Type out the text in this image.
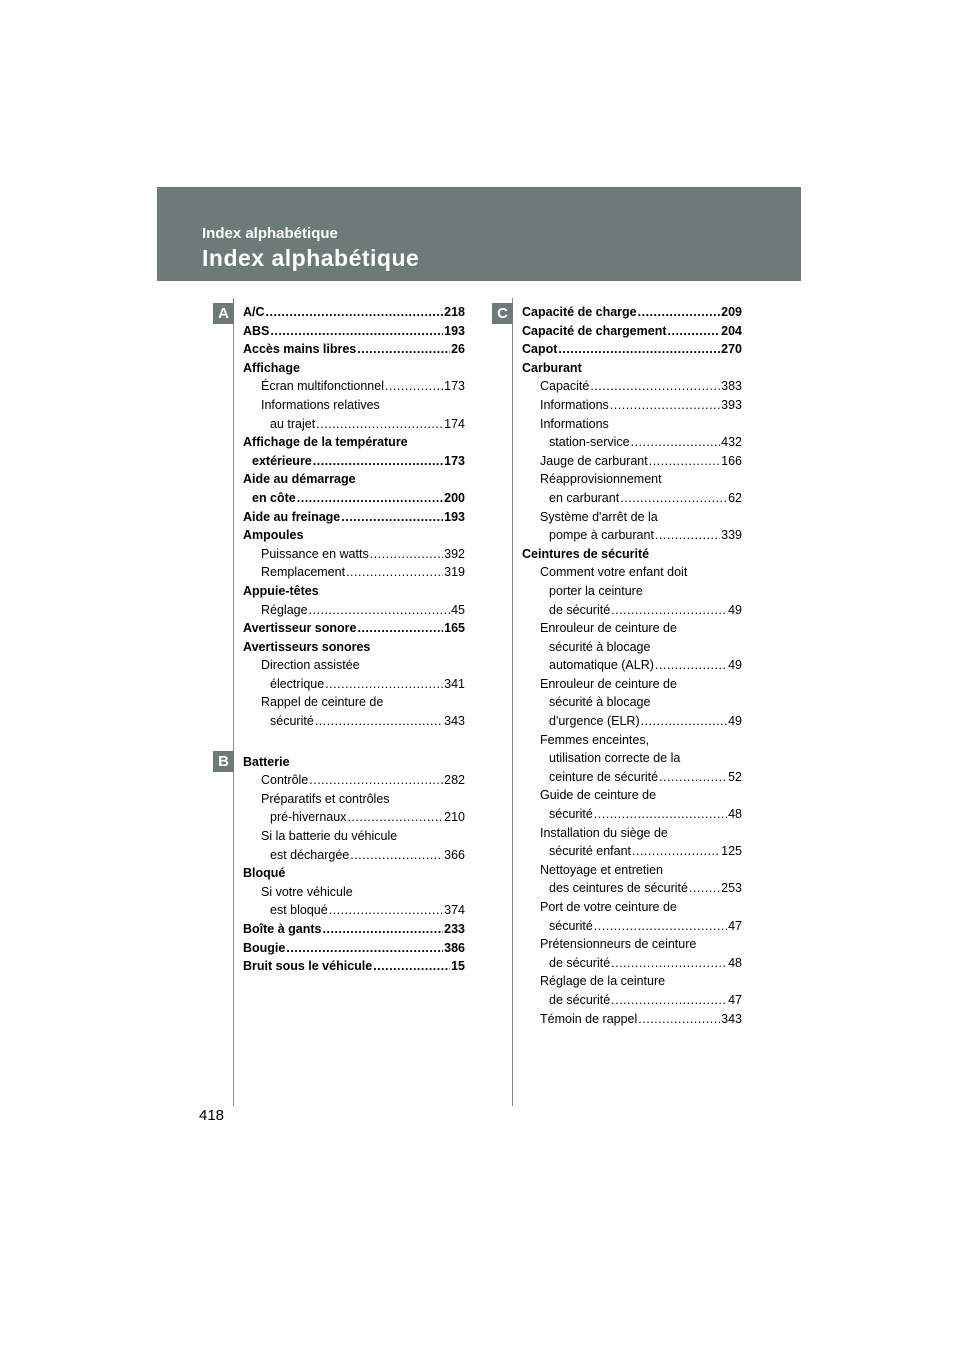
Index alphabétique
Index alphabétique
A
B
C
A/C .....	218
ABS .....	193
Accès mains libres .....	26
Affichage
Écran multifonctionnel .....	173
Informations relatives
au trajet .....	174
Affichage de la température
extérieure .....	173
Aide au démarrage
en côte .....	200
Aide au freinage .....	193
Ampoules
Puissance en watts .....	392
Remplacement .....	319
Appuie-têtes
Réglage .....	45
Avertisseur sonore .....	165
Avertisseurs sonores
Direction assistée
électrique .....	341
Rappel de ceinture de
sécurité .....	343
Batterie
Contrôle .....	282
Préparatifs et contrôles
pré-hivernaux .....	210
Si la batterie du véhicule
est déchargée .....	366
Bloqué
Si votre véhicule
est bloqué .....	374
Boîte à gants .....	233
Bougie .....	386
Bruit sous le véhicule .....	15
Capacité de charge .....	209
Capacité de chargement .....	204
Capot .....	270
Carburant
Capacité .....	383
Informations .....	393
Informations
station-service .....	432
Jauge de carburant .....	166
Réapprovisionnement
en carburant .....	62
Système d'arrêt de la
pompe à carburant .....	339
Ceintures de sécurité
Comment votre enfant doit
porter la ceinture
de sécurité .....	49
Enrouleur de ceinture de
sécurité à blocage
automatique (ALR) .....	49
Enrouleur de ceinture de
sécurité à blocage
d'urgence (ELR) .....	49
Femmes enceintes,
utilisation correcte de la
ceinture de sécurité .....	52
Guide de ceinture de
sécurité .....	48
Installation du siège de
sécurité enfant .....	125
Nettoyage et entretien
des ceintures de sécurité .....	253
Port de votre ceinture de
sécurité .....	47
Prétensionneurs de ceinture
de sécurité .....	48
Réglage de la ceinture
de sécurité .....	47
Témoin de rappel .....	343
418
